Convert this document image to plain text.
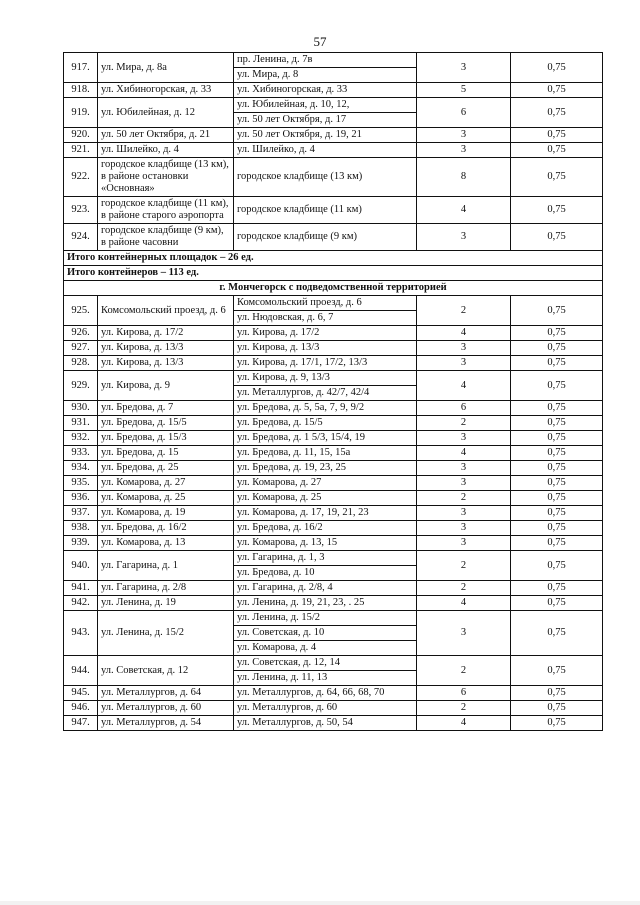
57
917.	ул. Мира, д. 8а	пр. Ленина, д. 7в	3	0,75
		ул. Мира, д. 8		
918.	ул. Хибиногорская, д. 33	ул. Хибиногорская, д. 33	5	0,75
919.	ул. Юбилейная, д. 12	ул. Юбилейная, д. 10, 12,	6	0,75
		ул. 50 лет Октября, д. 17		
920.	ул. 50 лет Октября, д. 21	ул. 50 лет Октября, д. 19, 21	3	0,75
921.	ул. Шилейко, д. 4	ул. Шилейко, д. 4	3	0,75
922.	городское кладбище (13 км), в районе остановки «Основная»	городское кладбище (13 км)	8	0,75
923.	городское кладбище (11 км), в районе старого аэропорта	городское кладбище (11 км)	4	0,75
924.	городское кладбище (9 км), в районе часовни	городское кладбище (9 км)	3	0,75
Итого контейнерных площадок – 26 ед.				
Итого контейнеров – 113 ед.				
г. Мончегорск с подведомственной территорией				
925.	Комсомольский проезд, д. 6	Комсомольский проезд, д. 6	2	0,75
		ул. Нюдовская, д. 6, 7		
926.	ул. Кирова, д. 17/2	ул. Кирова, д. 17/2	4	0,75
927.	ул. Кирова, д. 13/3	ул. Кирова, д. 13/3	3	0,75
928.	ул. Кирова, д. 13/3	ул. Кирова, д. 17/1, 17/2, 13/3	3	0,75
929.	ул. Кирова, д. 9	ул. Кирова, д. 9, 13/3	4	0,75
		ул. Металлургов, д. 42/7, 42/4		
930.	ул. Бредова, д. 7	ул. Бредова, д. 5, 5а, 7, 9, 9/2	6	0,75
931.	ул. Бредова, д. 15/5	ул. Бредова, д. 15/5	2	0,75
932.	ул. Бредова, д. 15/3	ул. Бредова, д. 1 5/3, 15/4, 19	3	0,75
933.	ул. Бредова, д. 15	ул. Бредова, д. 11, 15, 15а	4	0,75
934.	ул. Бредова, д. 25	ул. Бредова, д. 19, 23, 25	3	0,75
935.	ул. Комарова, д. 27	ул. Комарова, д. 27	3	0,75
936.	ул. Комарова, д. 25	ул. Комарова, д. 25	2	0,75
937.	ул. Комарова, д. 19	ул. Комарова, д. 17, 19, 21, 23	3	0,75
938.	ул. Бредова, д. 16/2	ул. Бредова, д. 16/2	3	0,75
939.	ул. Комарова, д. 13	ул. Комарова, д. 13, 15	3	0,75
940.	ул. Гагарина, д. 1	ул. Гагарина, д. 1, 3	2	0,75
		ул. Бредова, д. 10		
941.	ул. Гагарина, д. 2/8	ул. Гагарина, д. 2/8, 4	2	0,75
942.	ул. Ленина, д. 19	ул. Ленина, д. 19, 21, 23, . 25	4	0,75
943.	ул. Ленина, д. 15/2	ул. Ленина, д. 15/2	3	0,75
		ул. Советская, д. 10		
		ул. Комарова, д. 4		
944.	ул. Советская, д. 12	ул. Советская, д. 12, 14	2	0,75
		ул. Ленина, д. 11, 13		
945.	ул. Металлургов, д. 64	ул. Металлургов, д. 64, 66, 68, 70	6	0,75
946.	ул. Металлургов, д. 60	ул. Металлургов, д. 60	2	0,75
947.	ул. Металлургов, д. 54	ул. Металлургов, д. 50, 54	4	0,75
